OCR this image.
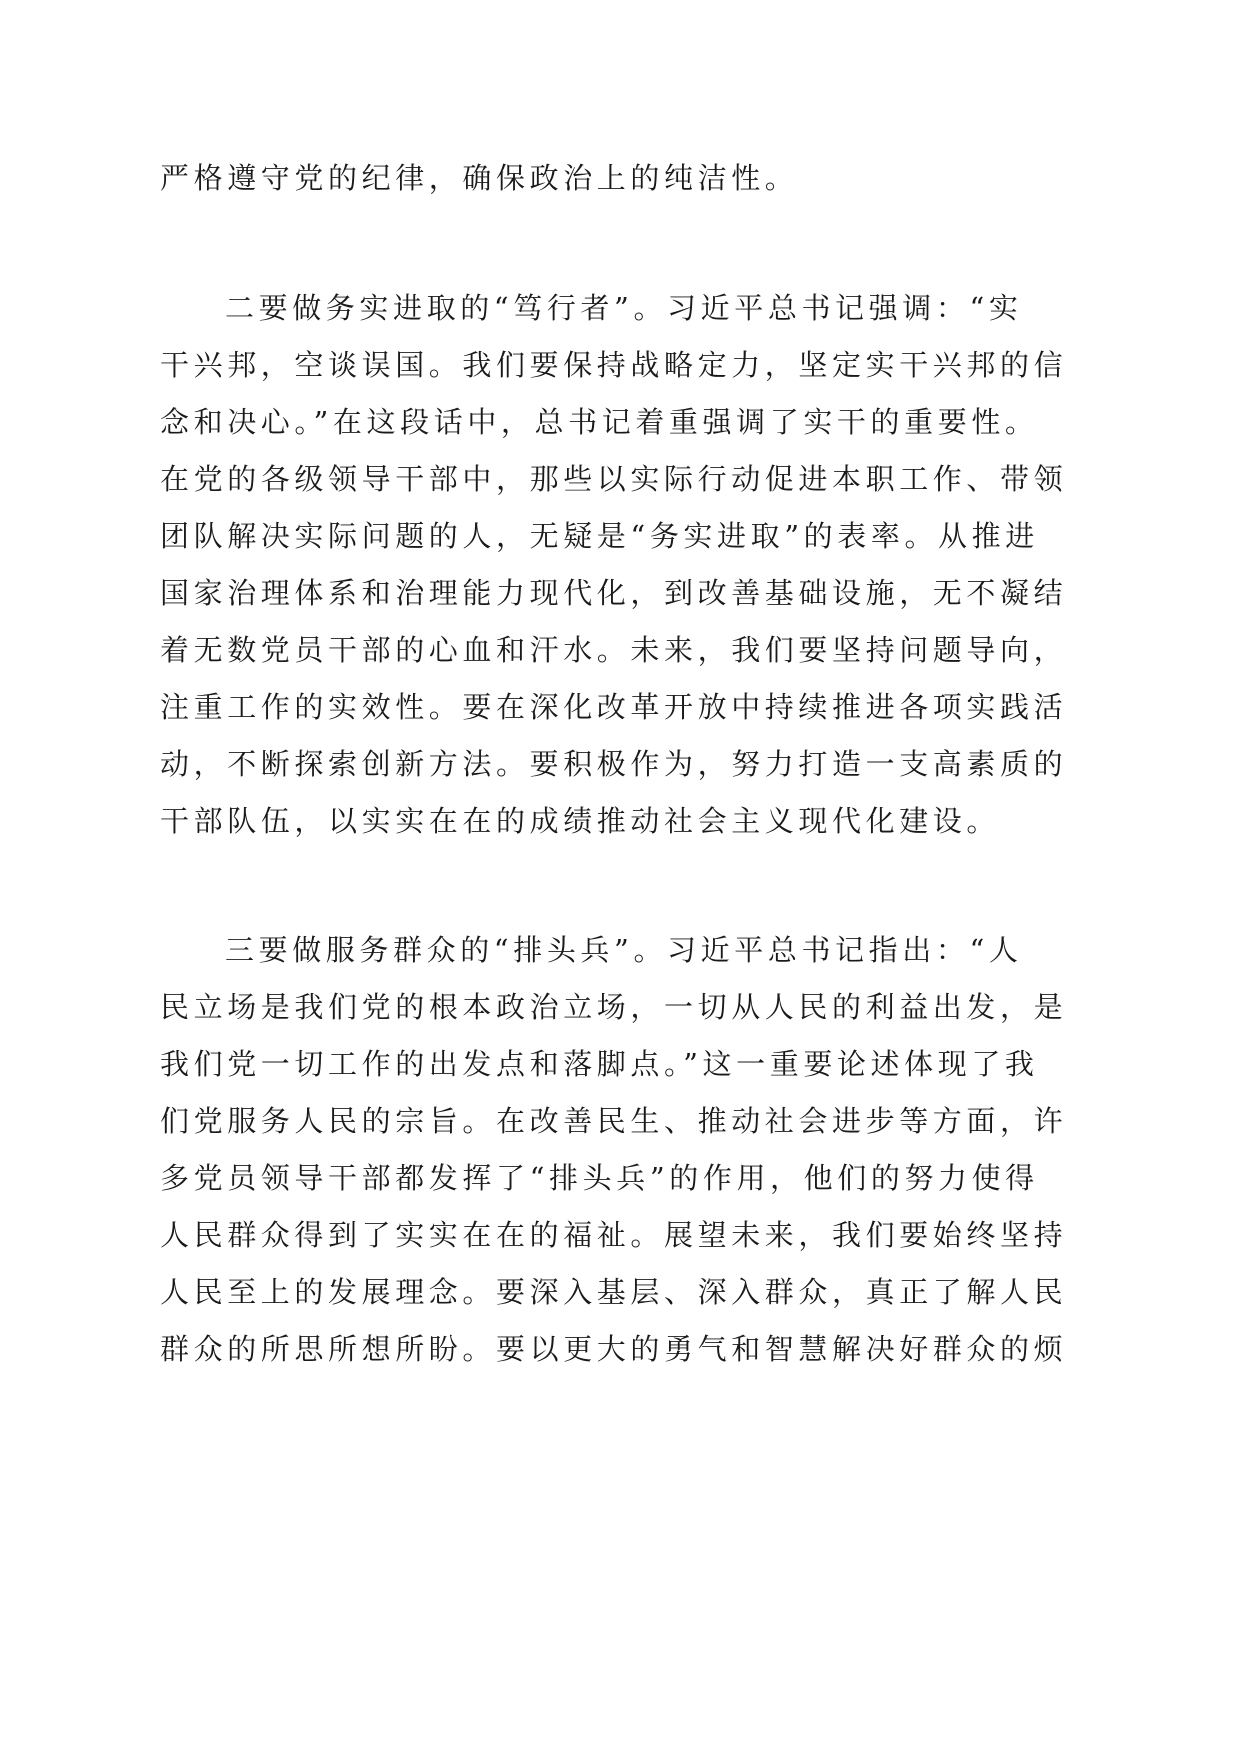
严格遵守党的纪律，确保政治上的纯洁性。
二要做务实进取的“笃行者”。习近平总书记强调：“实
干兴邦，空谈误国。我们要保持战略定力，坚定实干兴邦的信
念和决心。”在这段话中，总书记着重强调了实干的重要性。
在党的各级领导干部中，那些以实际行动促进本职工作、带领
团队解决实际问题的人，无疑是“务实进取”的表率。从推进
国家治理体系和治理能力现代化，到改善基础设施，无不凝结
着无数党员干部的心血和汗水。未来，我们要坚持问题导向，
注重工作的实效性。要在深化改革开放中持续推进各项实践活
动，不断探索创新方法。要积极作为，努力打造一支高素质的
干部队伍，以实实在在的成绩推动社会主义现代化建设。
三要做服务群众的“排头兵”。习近平总书记指出：“人
民立场是我们党的根本政治立场，一切从人民的利益出发，是
我们党一切工作的出发点和落脚点。”这一重要论述体现了我
们党服务人民的宗旨。在改善民生、推动社会进步等方面，许
多党员领导干部都发挥了“排头兵”的作用，他们的努力使得
人民群众得到了实实在在的福祉。展望未来，我们要始终坚持
人民至上的发展理念。要深入基层、深入群众，真正了解人民
群众的所思所想所盼。要以更大的勇气和智慧解决好群众的烦
